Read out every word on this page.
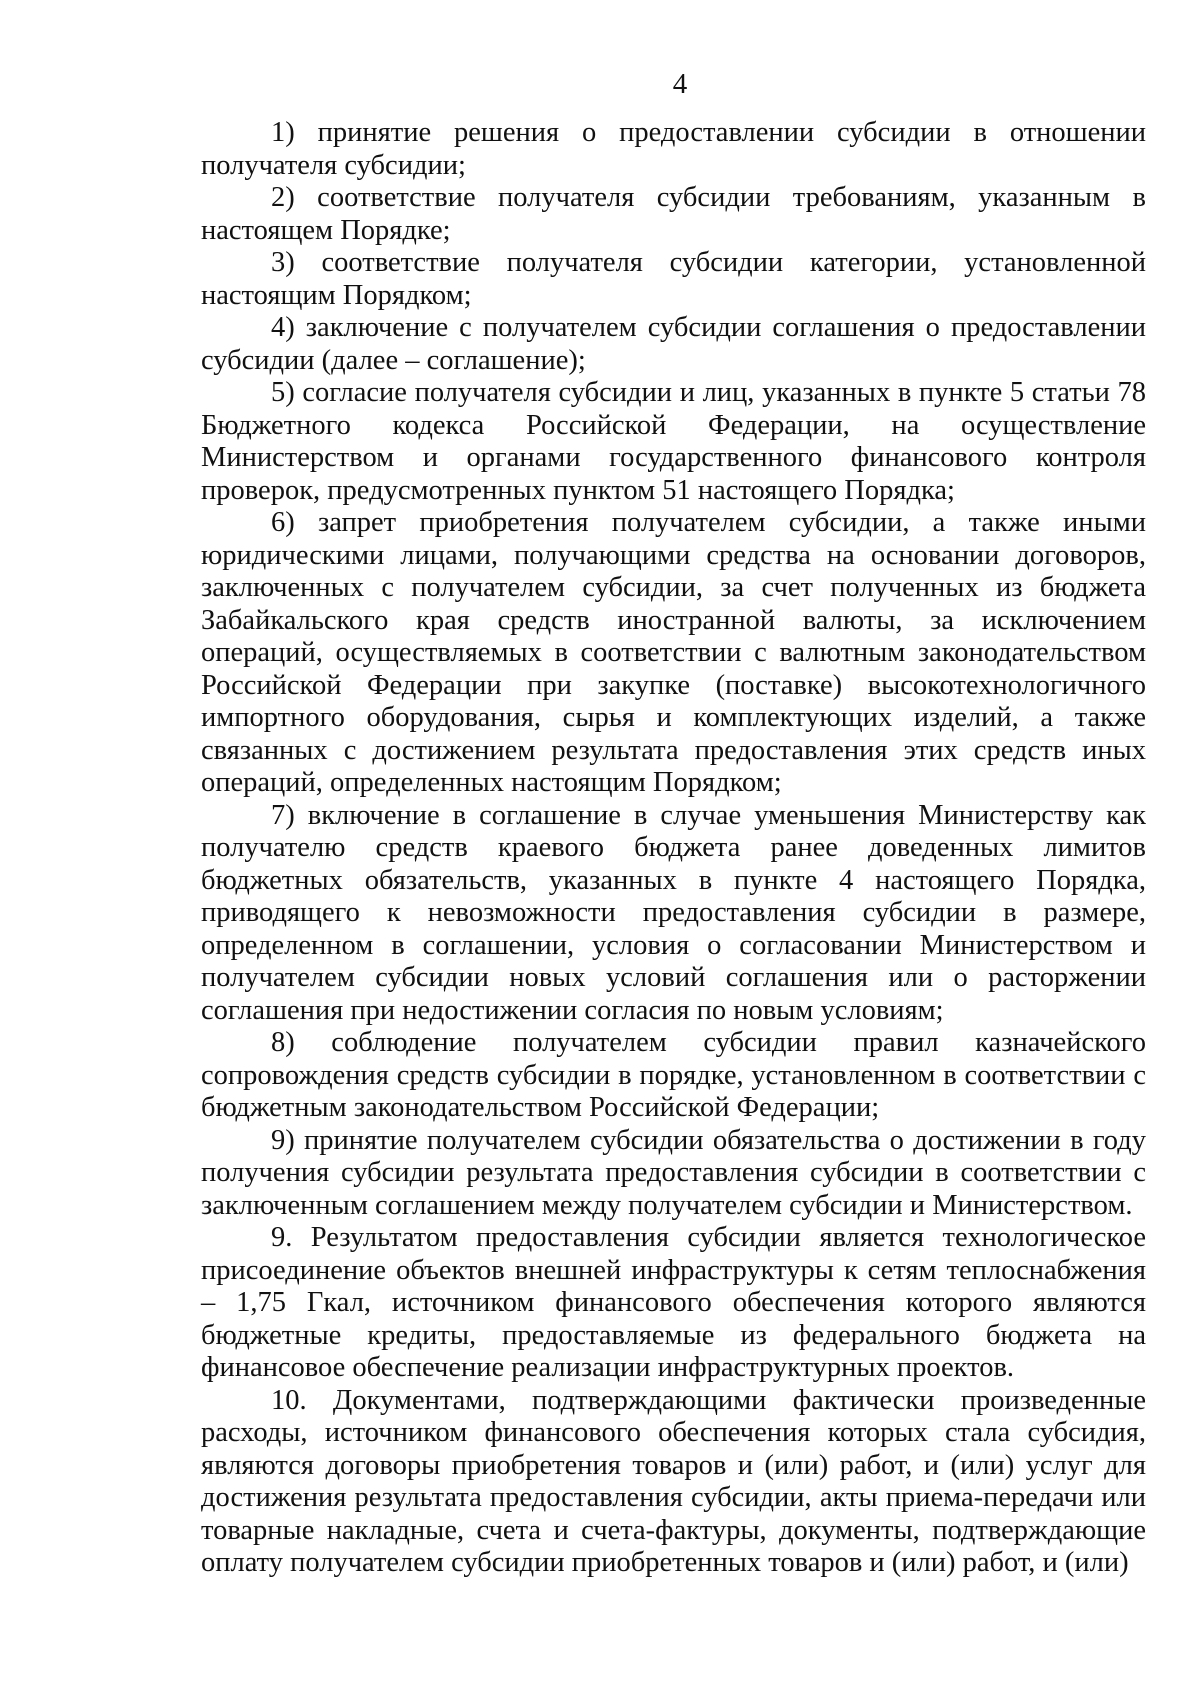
4

1) принятие решения о предоставлении субсидии в отношении получателя субсидии;

2) соответствие получателя субсидии требованиям, указанным в настоящем Порядке;

3) соответствие получателя субсидии категории, установленной настоящим Порядком;

4) заключение с получателем субсидии соглашения о предоставлении субсидии (далее – соглашение);

5) согласие получателя субсидии и лиц, указанных в пункте 5 статьи 78 Бюджетного кодекса Российской Федерации, на осуществление Министерством и органами государственного финансового контроля проверок, предусмотренных пунктом 51 настоящего Порядка;

6) запрет приобретения получателем субсидии, а также иными юридическими лицами, получающими средства на основании договоров, заключенных с получателем субсидии, за счет полученных из бюджета Забайкальского края средств иностранной валюты, за исключением операций, осуществляемых в соответствии с валютным законодательством Российской Федерации при закупке (поставке) высокотехнологичного импортного оборудования, сырья и комплектующих изделий, а также связанных с достижением результата предоставления этих средств иных операций, определенных настоящим Порядком;

7) включение в соглашение в случае уменьшения Министерству как получателю средств краевого бюджета ранее доведенных лимитов бюджетных обязательств, указанных в пункте 4 настоящего Порядка, приводящего к невозможности предоставления субсидии в размере, определенном в соглашении, условия о согласовании Министерством и получателем субсидии новых условий соглашения или о расторжении соглашения при недостижении согласия по новым условиям;

8) соблюдение получателем субсидии правил казначейского сопровождения средств субсидии в порядке, установленном в соответствии с бюджетным законодательством Российской Федерации;

9) принятие получателем субсидии обязательства о достижении в году получения субсидии результата предоставления субсидии в соответствии с заключенным соглашением между получателем субсидии и Министерством.

9. Результатом предоставления субсидии является технологическое присоединение объектов внешней инфраструктуры к сетям теплоснабжения – 1,75 Гкал, источником финансового обеспечения которого являются бюджетные кредиты, предоставляемые из федерального бюджета на финансовое обеспечение реализации инфраструктурных проектов.

10. Документами, подтверждающими фактически произведенные расходы, источником финансового обеспечения которых стала субсидия, являются договоры приобретения товаров и (или) работ, и (или) услуг для достижения результата предоставления субсидии, акты приема-передачи или товарные накладные, счета и счета-фактуры, документы, подтверждающие оплату получателем субсидии приобретенных товаров и (или) работ, и (или)
